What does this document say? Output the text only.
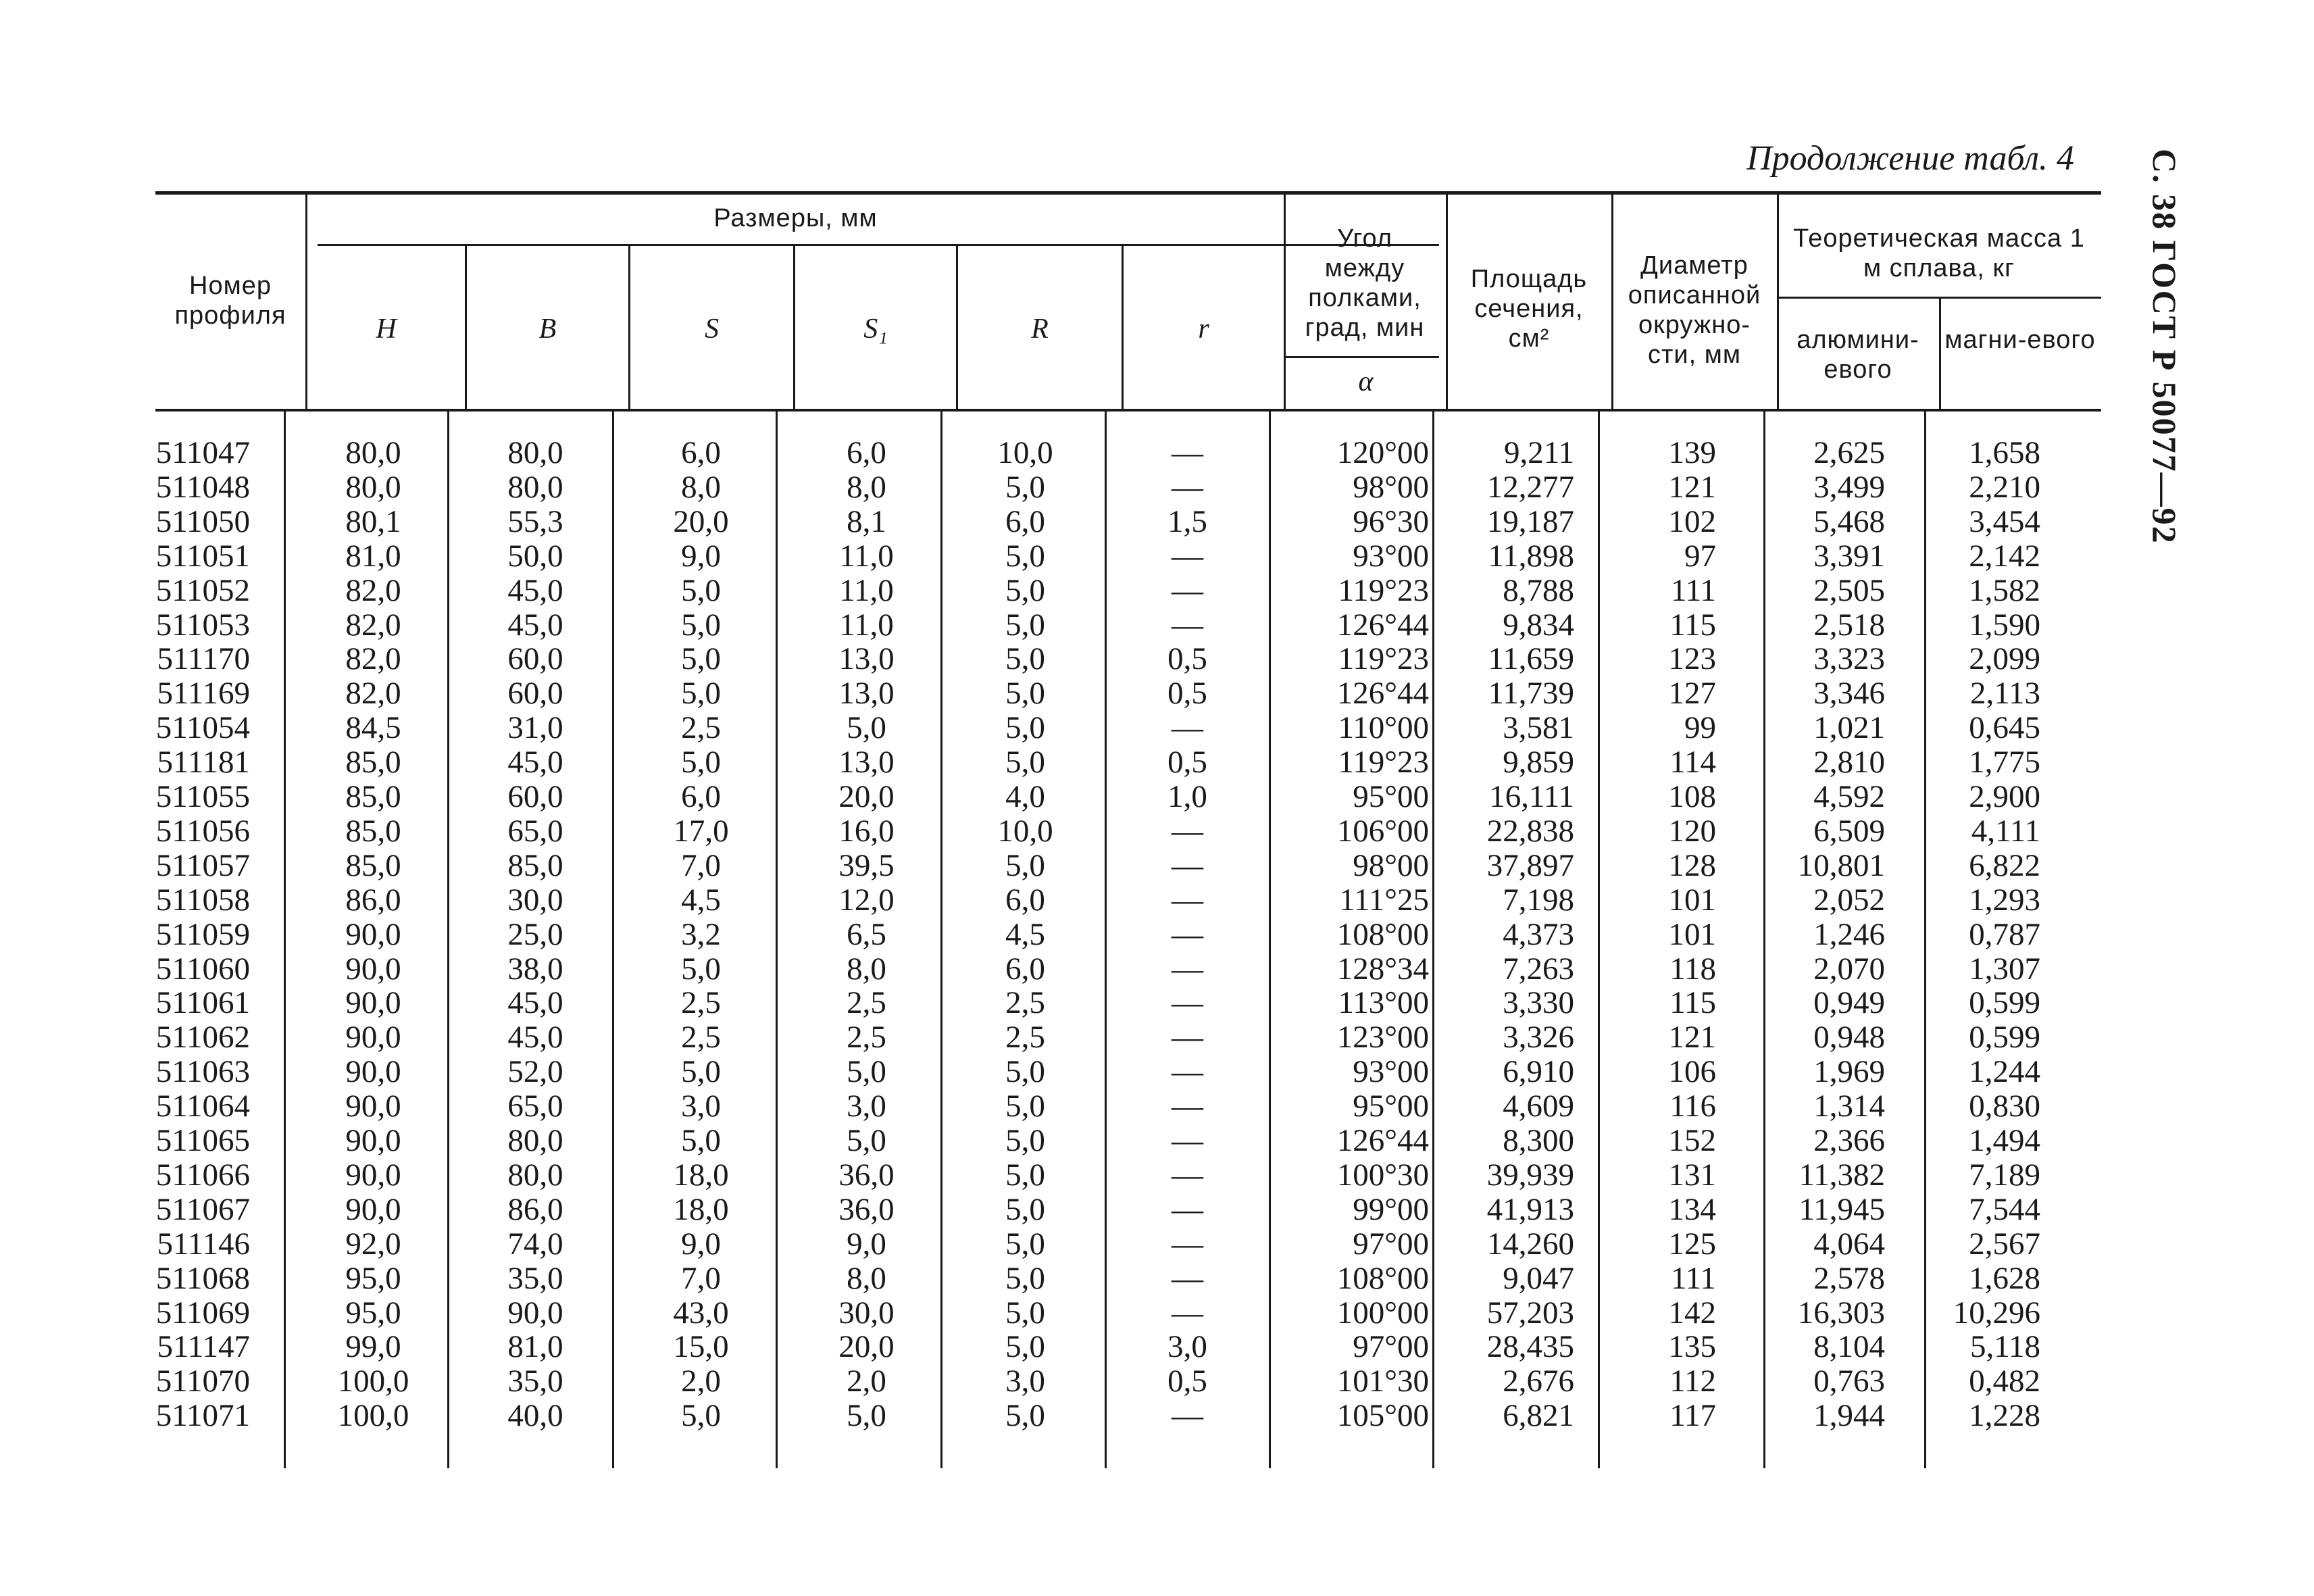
Продолжение табл. 4 С. 38 ГОСТ Р 50077—92
Номер профиля
Размеры, мм
H	B	S	S₁	R	r
Угол между полками, град, мин
α
Площадь сечения, см²
Диаметр описанной окружно-сти, мм
Теоретическая масса 1 м сплава, кг
алюмини-евого
магни-евого
511047	80,0	80,0	6,0	6,0	10,0	—	120°00	9,211	139	2,625	1,658
511048	80,0	80,0	8,0	8,0	5,0	—	98°00	12,277	121	3,499	2,210
511050	80,1	55,3	20,0	8,1	6,0	1,5	96°30	19,187	102	5,468	3,454
511051	81,0	50,0	9,0	11,0	5,0	—	93°00	11,898	97	3,391	2,142
511052	82,0	45,0	5,0	11,0	5,0	—	119°23	8,788	111	2,505	1,582
511053	82,0	45,0	5,0	11,0	5,0	—	126°44	9,834	115	2,518	1,590
511170	82,0	60,0	5,0	13,0	5,0	0,5	119°23	11,659	123	3,323	2,099
511169	82,0	60,0	5,0	13,0	5,0	0,5	126°44	11,739	127	3,346	2,113
511054	84,5	31,0	2,5	5,0	5,0	—	110°00	3,581	99	1,021	0,645
511181	85,0	45,0	5,0	13,0	5,0	0,5	119°23	9,859	114	2,810	1,775
511055	85,0	60,0	6,0	20,0	4,0	1,0	95°00	16,111	108	4,592	2,900
511056	85,0	65,0	17,0	16,0	10,0	—	106°00	22,838	120	6,509	4,111
511057	85,0	85,0	7,0	39,5	5,0	—	98°00	37,897	128	10,801	6,822
511058	86,0	30,0	4,5	12,0	6,0	—	111°25	7,198	101	2,052	1,293
511059	90,0	25,0	3,2	6,5	4,5	—	108°00	4,373	101	1,246	0,787
511060	90,0	38,0	5,0	8,0	6,0	—	128°34	7,263	118	2,070	1,307
511061	90,0	45,0	2,5	2,5	2,5	—	113°00	3,330	115	0,949	0,599
511062	90,0	45,0	2,5	2,5	2,5	—	123°00	3,326	121	0,948	0,599
511063	90,0	52,0	5,0	5,0	5,0	—	93°00	6,910	106	1,969	1,244
511064	90,0	65,0	3,0	3,0	5,0	—	95°00	4,609	116	1,314	0,830
511065	90,0	80,0	5,0	5,0	5,0	—	126°44	8,300	152	2,366	1,494
511066	90,0	80,0	18,0	36,0	5,0	—	100°30	39,939	131	11,382	7,189
511067	90,0	86,0	18,0	36,0	5,0	—	99°00	41,913	134	11,945	7,544
511146	92,0	74,0	9,0	9,0	5,0	—	97°00	14,260	125	4,064	2,567
511068	95,0	35,0	7,0	8,0	5,0	—	108°00	9,047	111	2,578	1,628
511069	95,0	90,0	43,0	30,0	5,0	—	100°00	57,203	142	16,303	10,296
511147	99,0	81,0	15,0	20,0	5,0	3,0	97°00	28,435	135	8,104	5,118
511070	100,0	35,0	2,0	2,0	3,0	0,5	101°30	2,676	112	0,763	0,482
511071	100,0	40,0	5,0	5,0	5,0	—	105°00	6,821	117	1,944	1,228
